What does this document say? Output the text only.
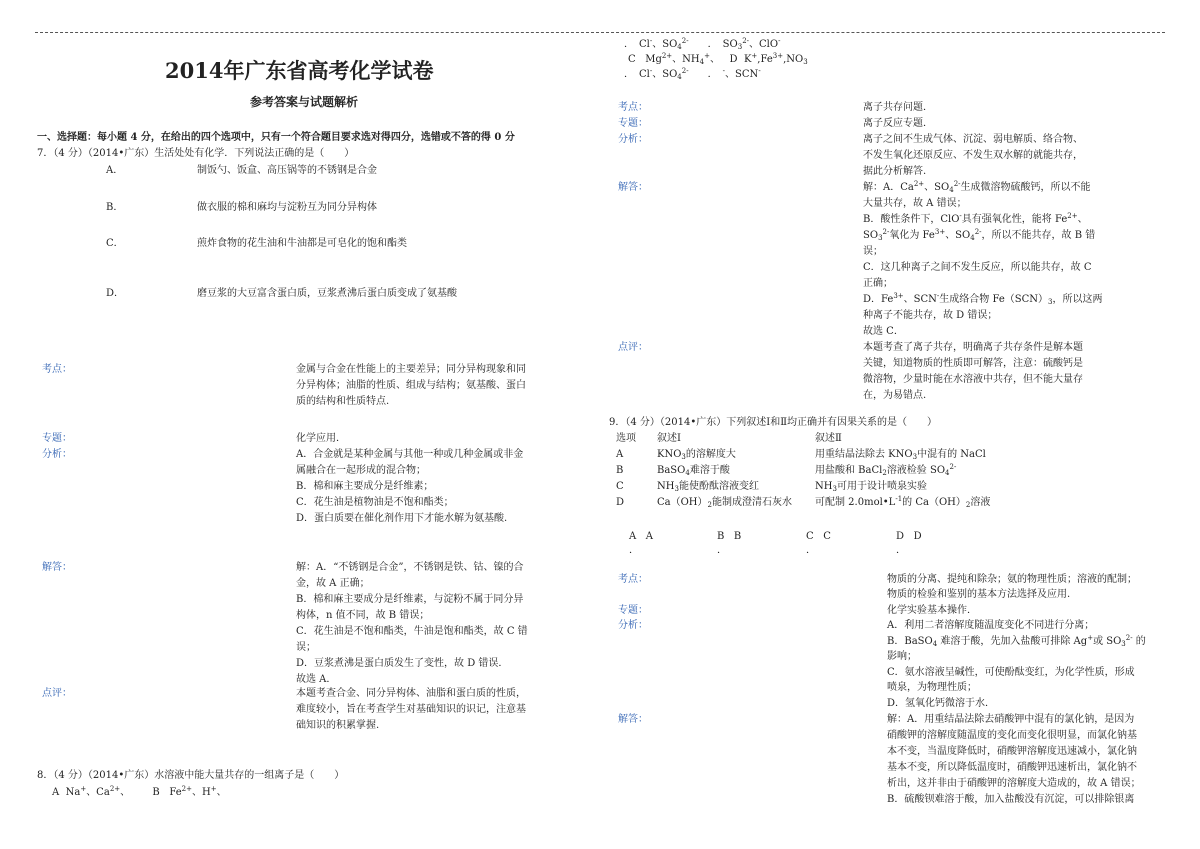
2014年广东省高考化学试卷
参考答案与试题解析
一、选择题：每小题 4 分，在给出的四个选项中，只有一个符合题目要求选对得四分，选错或不答的得 0 分
7．（4 分）（2014•广东）生活处处有化学．下列说法正确的是（　　）
A．	制饭勺、饭盒、高压锅等的不锈钢是合金
B．	做衣服的棉和麻均与淀粉互为同分异构体
C．	煎炸食物的花生油和牛油都是可皂化的饱和酯类
D．	磨豆浆的大豆富含蛋白质，豆浆煮沸后蛋白质变成了氨基酸
考点：	金属与合金在性能上的主要差异；同分异构现象和同
分异构体；油脂的性质、组成与结构；氨基酸、蛋白
质的结构和性质特点.
专题：	化学应用．
分析：	A．合金就是某种金属与其他一种或几种金属或非金
属融合在一起形成的混合物；
B．棉和麻主要成分是纤维素；
C．花生油是植物油是不饱和酯类；
D．蛋白质要在催化剂作用下才能水解为氨基酸.
解答：	解：A．“不锈钢是合金”，不锈钢是铁、钴、镍的合
金，故 A 正确；
B．棉和麻主要成分是纤维素，与淀粉不属于同分异
构体，n 值不同，故 B 错误；
C．花生油是不饱和酯类，牛油是饱和酯类，故 C 错
误；
D．豆浆煮沸是蛋白质发生了变性，故 D 错误．
故选 A．
点评：	本题考查合金、同分异构体、油脂和蛋白质的性质，
难度较小，旨在考查学生对基础知识的识记，注意基
础知识的积累掌握.
8．（4 分）（2014•广东）水溶液中能大量共存的一组离子是（　　）
A Na+、$Ca^{2+}$、 B $Fe^{2+}$、H+、
．　Cl-、$SO_4^{2-}$ ．　$SO_3^{2-}$、ClO-
C $Mg^{2+}$、$NH_4^+$、 D $K^+,Fe^{3+},NO_3$
．　Cl-、$SO_4^{2-}$ ．　-、SCN-
考点：	离子共存问题．
专题：	离子反应专题．
分析：	离子之间不生成气体、沉淀、弱电解质、络合物、
不发生氧化还原反应、不发生双水解的就能共存，
据此分析解答.
解答：	解：A．$Ca^{2+}$、$SO_4^{2-}$生成微溶物硫酸钙，所以不能
大量共存，故 A 错误；
B．酸性条件下，ClO-具有强氧化性，能将 $Fe^{2+}$、
$SO_3^{2-}$氧化为 $Fe^{3+}$、$SO_4^{2-}$，所以不能共存，故 B 错
误；
C．这几种离子之间不发生反应，所以能共存，故 C
正确；
D．$Fe^{3+}$、SCN-生成络合物 $Fe(SCN)_3$，所以这两
种离子不能共存，故 D 错误；
故选 C．
点评：	本题考查了离子共存，明确离子共存条件是解本题
关键，知道物质的性质即可解答，注意：硫酸钙是
微溶物，少量时能在水溶液中共存，但不能大量存
在，为易错点.
9．（4 分）（2014•广东）下列叙述Ⅰ和Ⅱ均正确并有因果关系的是（　　）
选项 叙述Ⅰ	叙述Ⅱ
A	$KNO_3$的溶解度大	用重结晶法除去 $KNO_3$中混有的 NaCl
B	BaSO$_4$难溶于酸	用盐酸和 BaCl$_2$溶液检验 $SO_4^{2-}$
C	$NH_3$能使酚酞溶液变红	$NH_3$可用于设计喷泉实验
D	$Ca(OH)_2$能制成澄清石灰水 可配制 $2.0mol•L^{-1}$的 $Ca(OH)_2$溶液
A A
．
B B
．
C C
．
D D
．
考点：	物质的分离、提纯和除杂；氨的物理性质；溶液的配制；
物质的检验和鉴别的基本方法选择及应用.
专题：	化学实验基本操作．
分析：	A．利用二者溶解度随温度变化不同进行分离；
B．BaSO$_4$ 难溶于酸，先加入盐酸可排除 Ag+或 $SO_3^{2-}$ 的
影响；
C．氨水溶液呈碱性，可使酚酞变红，为化学性质，形成
喷泉，为物理性质；
D．氢氧化钙微溶于水．
解答：	解：A．用重结晶法除去硝酸钾中混有的氯化钠，是因为
硝酸钾的溶解度随温度的变化而变化很明显，而氯化钠基
本不变，当温度降低时，硝酸钾溶解度迅速减小，氯化钠
基本不变，所以降低温度时，硝酸钾迅速析出，氯化钠不
析出，这并非由于硝酸钾的溶解度大造成的，故 A 错误；
B．硫酸钡难溶于酸，加入盐酸没有沉淀，可以排除银离
